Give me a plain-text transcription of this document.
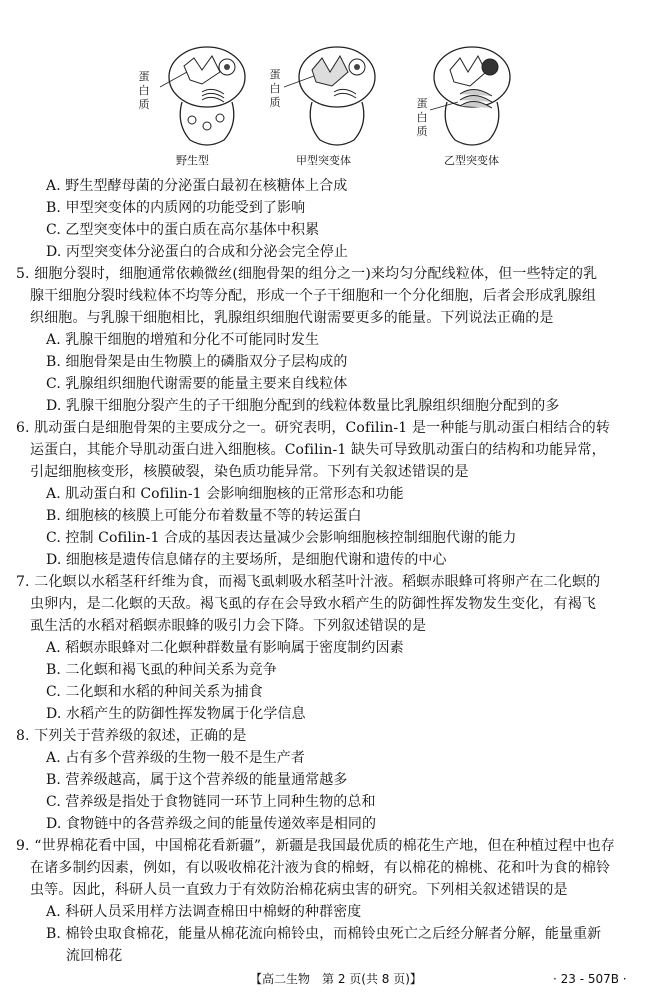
蛋
白
质
蛋
白
质	蛋
白
质
野生型	甲型突变体	乙型突变体
A. 野生型酵母菌的分泌蛋白最初在核糖体上合成
B. 甲型突变体的内质网的功能受到了影响
C. 乙型突变体中的蛋白质在高尔基体中积累
D. 丙型突变体分泌蛋白的合成和分泌会完全停止
5. 细胞分裂时，细胞通常依赖微丝(细胞骨架的组分之一)来均匀分配线粒体，但一些特定的乳
腺干细胞分裂时线粒体不均等分配，形成一个子干细胞和一个分化细胞，后者会形成乳腺组
织细胞。与乳腺干细胞相比，乳腺组织细胞代谢需要更多的能量。下列说法正确的是
A. 乳腺干细胞的增殖和分化不可能同时发生
B. 细胞骨架是由生物膜上的磷脂双分子层构成的
C. 乳腺组织细胞代谢需要的能量主要来自线粒体
D. 乳腺干细胞分裂产生的子干细胞分配到的线粒体数量比乳腺组织细胞分配到的多
6. 肌动蛋白是细胞骨架的主要成分之一。研究表明，Cofilin-1 是一种能与肌动蛋白相结合的转
运蛋白，其能介导肌动蛋白进入细胞核。Cofilin-1 缺失可导致肌动蛋白的结构和功能异常，
引起细胞核变形，核膜破裂，染色质功能异常。下列有关叙述错误的是
A. 肌动蛋白和 Cofilin-1 会影响细胞核的正常形态和功能
B. 细胞核的核膜上可能分布着数量不等的转运蛋白
C. 控制 Cofilin-1 合成的基因表达量减少会影响细胞核控制细胞代谢的能力
D. 细胞核是遗传信息储存的主要场所，是细胞代谢和遗传的中心
7. 二化螟以水稻茎秆纤维为食，而褐飞虱刺吸水稻茎叶汁液。稻螟赤眼蜂可将卵产在二化螟的
虫卵内，是二化螟的天敌。褐飞虱的存在会导致水稻产生的防御性挥发物发生变化，有褐飞
虱生活的水稻对稻螟赤眼蜂的吸引力会下降。下列叙述错误的是
A. 稻螟赤眼蜂对二化螟种群数量有影响属于密度制约因素
B. 二化螟和褐飞虱的种间关系为竞争
C. 二化螟和水稻的种间关系为捕食
D. 水稻产生的防御性挥发物属于化学信息
8. 下列关于营养级的叙述，正确的是
A. 占有多个营养级的生物一般不是生产者
B. 营养级越高，属于这个营养级的能量通常越多
C. 营养级是指处于食物链同一环节上同种生物的总和
D. 食物链中的各营养级之间的能量传递效率是相同的
9. “世界棉花看中国，中国棉花看新疆”，新疆是我国最优质的棉花生产地，但在种植过程中也存
在诸多制约因素，例如，有以吸收棉花汁液为食的棉蚜，有以棉花的棉桃、花和叶为食的棉铃
虫等。因此，科研人员一直致力于有效防治棉花病虫害的研究。下列相关叙述错误的是
A. 科研人员采用样方法调查棉田中棉蚜的种群密度
B. 棉铃虫取食棉花，能量从棉花流向棉铃虫，而棉铃虫死亡之后经分解者分解，能量重新
流回棉花
【高二生物　第 2 页(共 8 页)】	· 23 - 507B ·
